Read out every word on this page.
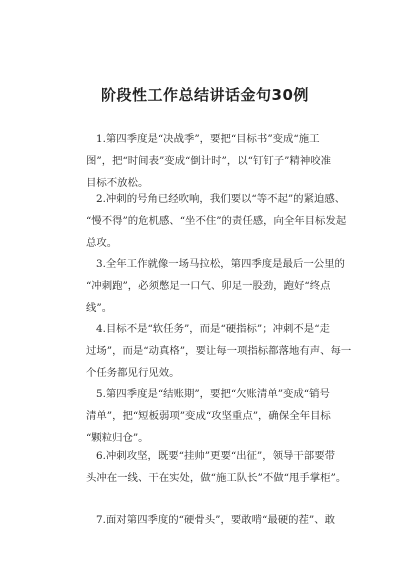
阶段性工作总结讲话金句30例
1.第四季度是“决战季”，要把“目标书”变成“施工
图”，把“时间表”变成“倒计时”，以“钉钉子”精神咬准
目标不放松。
2.冲刺的号角已经吹响，我们要以“等不起”的紧迫感、
“慢不得”的危机感、“坐不住”的责任感，向全年目标发起
总攻。
3.全年工作就像一场马拉松，第四季度是最后一公里的
“冲刺跑”，必须憋足一口气、卯足一股劲，跑好“终点
线”。
4.目标不是“软任务”，而是“硬指标”；冲刺不是“走
过场”，而是“动真格”，要让每一项指标都落地有声、每一
个任务都见行见效。
5.第四季度是“结账期”，要把“欠账清单”变成“销号
清单”，把“短板弱项”变成“攻坚重点”，确保全年目标
“颗粒归仓”。
6.冲刺攻坚，既要“挂帅”更要“出征”，领导干部要带
头冲在一线、干在实处，做“施工队长”不做“甩手掌柜”。
7.面对第四季度的“硬骨头”，要敢啃“最硬的茬”、敢
